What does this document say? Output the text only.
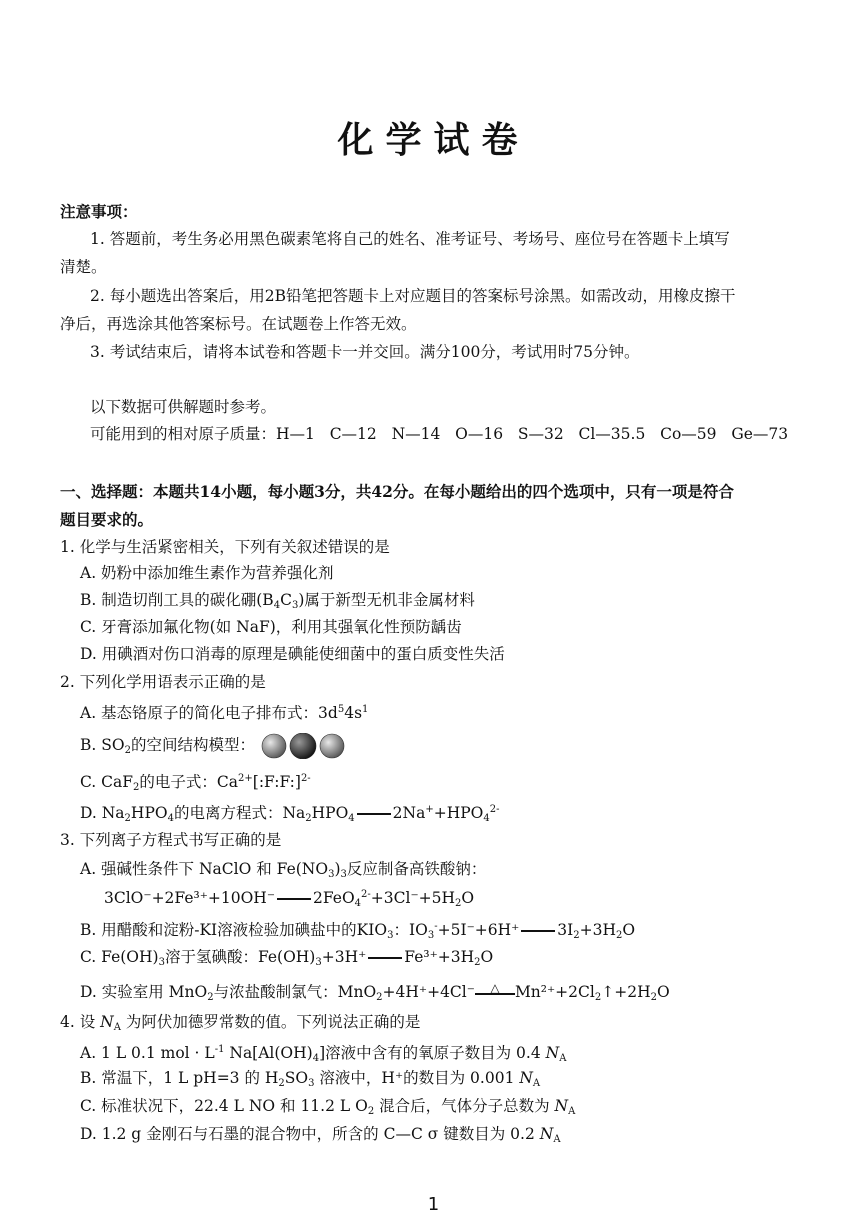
化学试卷
注意事项：
1. 答题前，考生务必用黑色碳素笔将自己的姓名、准考证号、考场号、座位号在答题卡上填写
清楚。
2. 每小题选出答案后，用2B铅笔把答题卡上对应题目的答案标号涂黑。如需改动，用橡皮擦干
净后，再选涂其他答案标号。在试题卷上作答无效。
3. 考试结束后，请将本试卷和答题卡一并交回。满分100分，考试用时75分钟。
以下数据可供解题时参考。
可能用到的相对原子质量：H—1 C—12 N—14 O—16 S—32 Cl—35.5 Co—59 Ge—73
一、选择题：本题共14小题，每小题3分，共42分。在每小题给出的四个选项中，只有一项是符合
题目要求的。
1. 化学与生活紧密相关，下列有关叙述错误的是
A. 奶粉中添加维生素作为营养强化剂
B. 制造切削工具的碳化硼$(B_4C_3)$属于新型无机非金属材料
C. 牙膏添加氟化物(如 NaF)，利用其强氧化性预防龋齿
D. 用碘酒对伤口消毒的原理是碘能使细菌中的蛋白质变性失活
2. 下列化学用语表示正确的是
A. 基态铬原子的简化电子排布式：$3d^54s^1$
B. $SO_2$的空间结构模型：
C. CaF$_2$的电子式：$Ca^{2+}[:F:F:]^{2-}$
D. $Na_2HPO_4$的电离方程式：$Na_2HPO_4$ $2Na^++HPO_4^{2-}$
3. 下列离子方程式书写正确的是
A. 强碱性条件下 NaClO 和 $Fe(NO_3)_3$反应制备高铁酸钠：
3ClO⁻+2Fe³⁺+10OH⁻ $2FeO_4^{2-}+3Cl^-+5H_2O$
B. 用醋酸和淀粉-KI溶液检验加碘盐中的$KIO_3$：$IO_3^-+5I^-+6H^+$ $3I_2+3H_2O$
C. $Fe(OH)_3$溶于氢碘酸：$Fe(OH)_3+3H^+$ $Fe^{3+}+3H_2O$
D. 实验室用 MnO$_2$与浓盐酸制氯气：MnO$_2$+4H⁺+4Cl⁻	△ $Mn^{2+}+2Cl_2↑+2H_2O$
4. 设 $N_A$ 为阿伏加德罗常数的值。下列说法正确的是
A. 1 L 0.1 mol · $L^{-1}$ $Na[Al(OH)_4]$溶液中含有的氧原子数目为 0.4 $N_A$
B. 常温下，1 L pH=3 的 $H_2SO_3$ 溶液中，H⁺的数目为 0.001 $N_A$
C. 标准状况下，22.4 L NO 和 11.2 L $O_2$ 混合后，气体分子总数为 $N_A$
D. 1.2 g 金刚石与石墨的混合物中，所含的 C—C σ 键数目为 0.2 $N_A$
1
